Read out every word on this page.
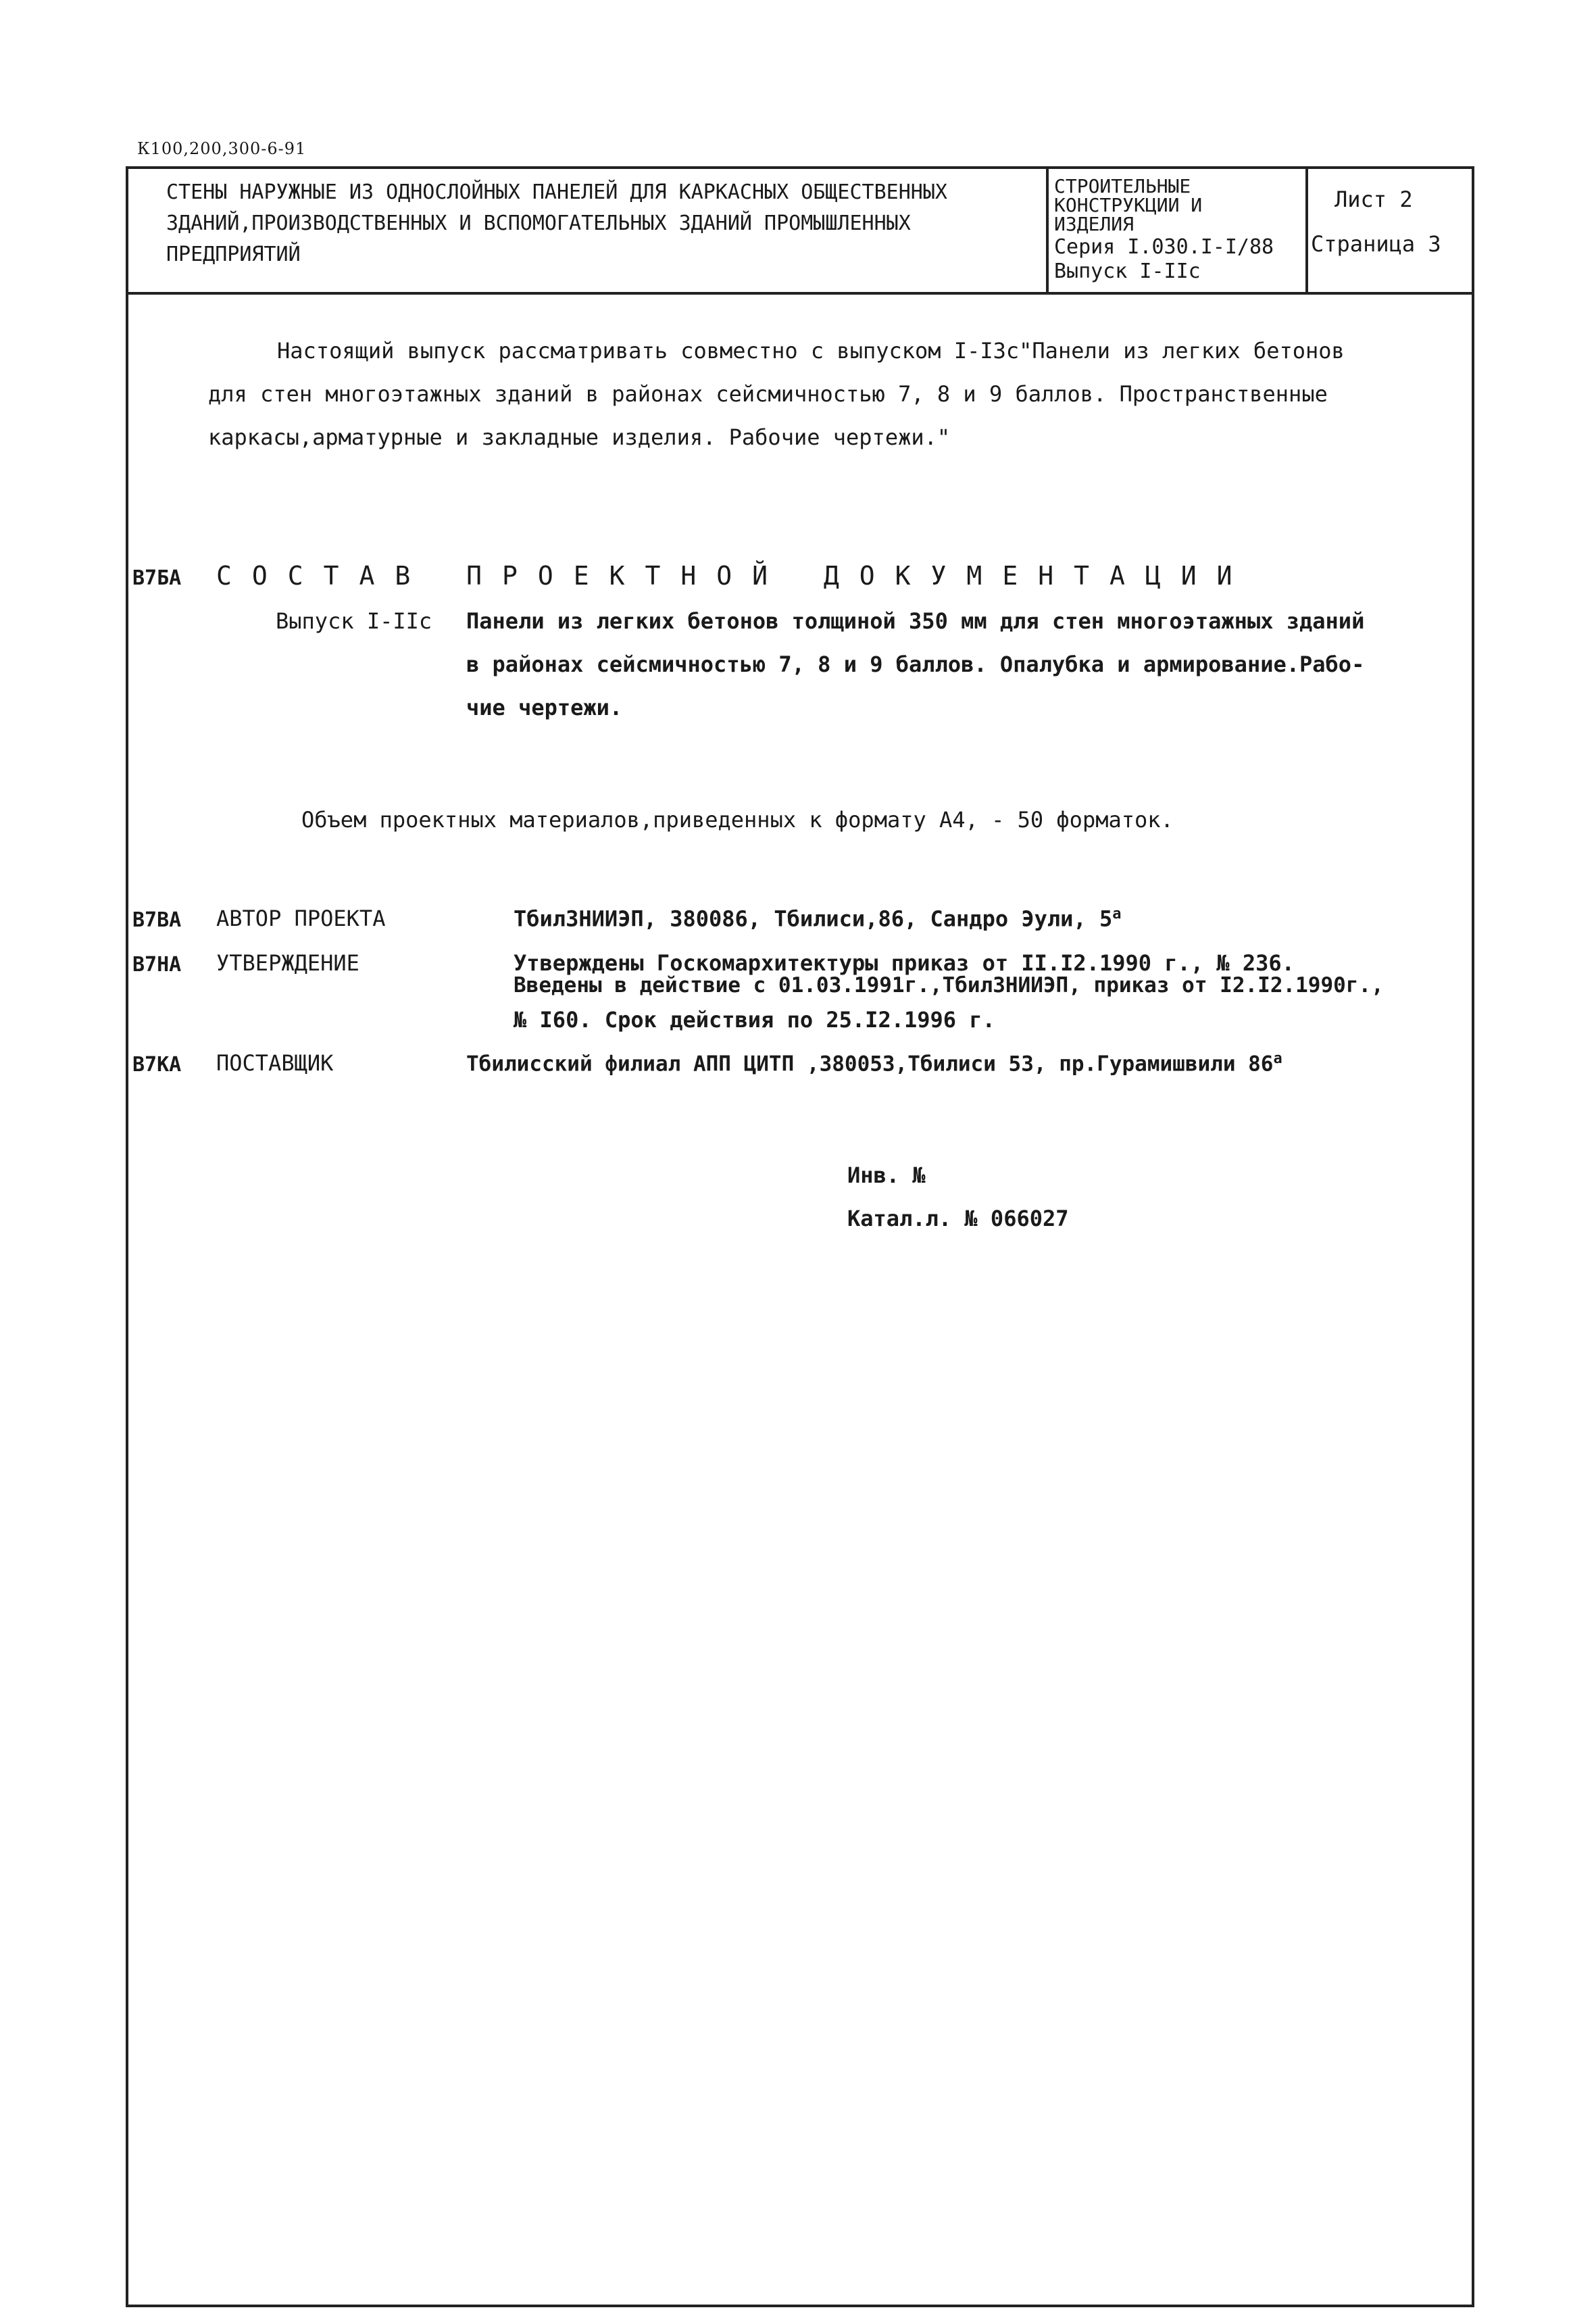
К100,200,300-6-91
СТЕНЫ НАРУЖНЫЕ ИЗ ОДНОСЛОЙНЫХ ПАНЕЛЕЙ ДЛЯ КАРКАСНЫХ ОБЩЕСТВЕННЫХ
ЗДАНИЙ,ПРОИЗВОДСТВЕННЫХ И ВСПОМОГАТЕЛЬНЫХ ЗДАНИЙ ПРОМЫШЛЕННЫХ
ПРЕДПРИЯТИЙ
СТРОИТЕЛЬНЫЕ
КОНСТРУКЦИИ И
ИЗДЕЛИЯ
Серия I.030.I-I/88
Выпуск I-IIс
Лист 2
Страница 3
Настоящий выпуск рассматривать совместно с выпуском I-I3с"Панели из легких бетонов
для стен многоэтажных зданий в районах сейсмичностью 7, 8 и 9 баллов. Пространственные
каркасы,арматурные и закладные изделия. Рабочие чертежи."
В7БА СОСТАВ ПРОЕКТНОЙ ДОКУМЕНТАЦИИ
Выпуск I-IIс Панели из легких бетонов толщиной 350 мм для стен многоэтажных зданий
в районах сейсмичностью 7, 8 и 9 баллов. Опалубка и армирование.Рабо-
чие чертежи.
Объем проектных материалов,приведенных к формату А4, - 50 форматок.
В7ВА АВТОР ПРОЕКТА	ТбилЗНИИЭП, 380086, Тбилиси,86, Сандро Эули, $5^а$
В7НА УТВЕРЖДЕНИЕ	Утверждены Госкомархитектуры приказ от II.I2.1990 г., № 236.
Введены в действие с 01.03.1991г.,ТбилЗНИИЭП, приказ от I2.I2.1990г.,
№ I60. Срок действия по 25.I2.1996 г.
В7КА ПОСТАВЩИК	Тбилисский филиал АПП ЦИТП ,380053,Тбилиси 53, пр.Гурамишвили $86^а$
Инв. №
Катал.л. № 066027
